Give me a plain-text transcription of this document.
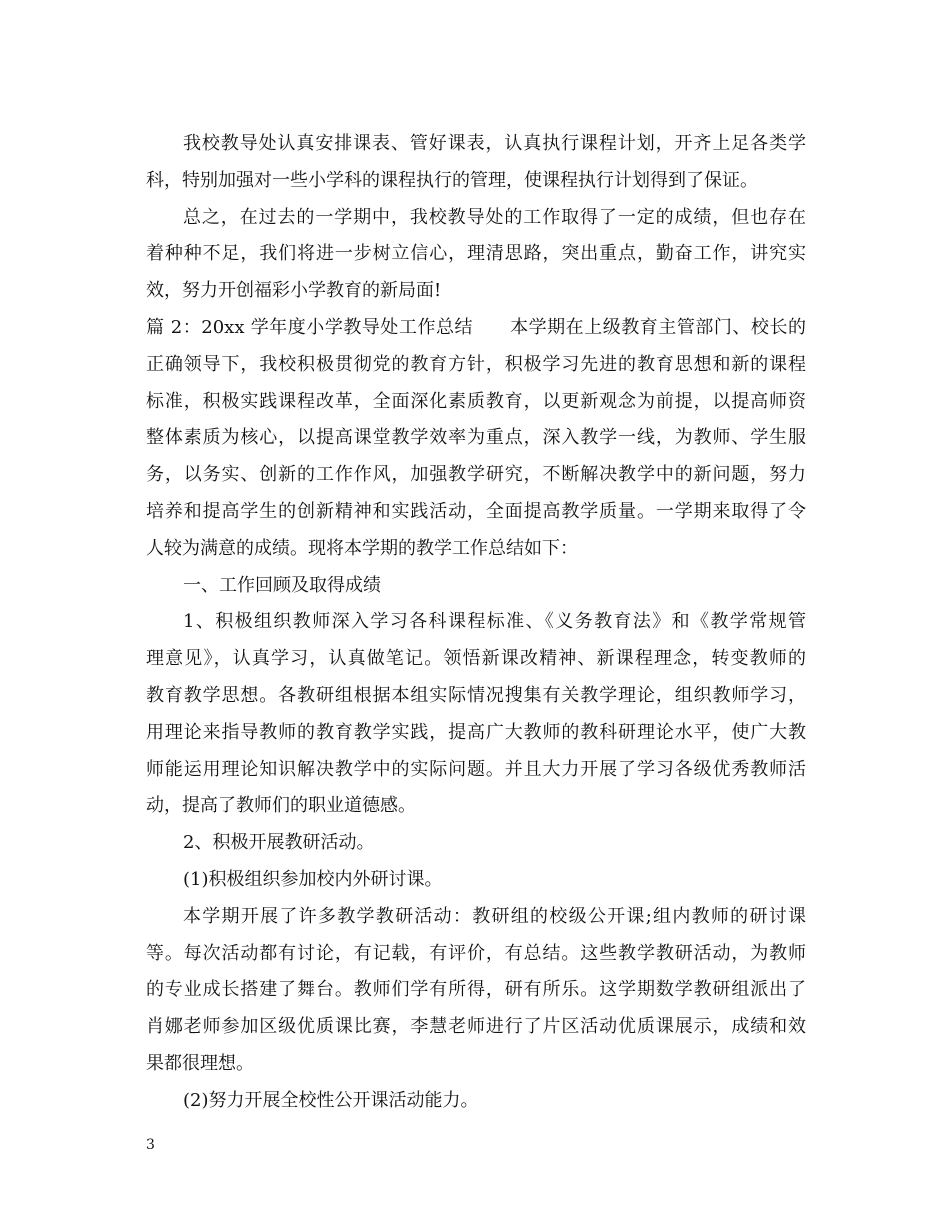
我校教导处认真安排课表、管好课表，认真执行课程计划，开齐上足各类学
科，特别加强对一些小学科的课程执行的管理，使课程执行计划得到了保证。
总之，在过去的一学期中，我校教导处的工作取得了一定的成绩，但也存在
着种种不足，我们将进一步树立信心，理清思路，突出重点，勤奋工作，讲究实
效，努力开创福彩小学教育的新局面!
篇 2：20xx 学年度小学教导处工作总结　　本学期在上级教育主管部门、校长的
正确领导下，我校积极贯彻党的教育方针，积极学习先进的教育思想和新的课程
标准，积极实践课程改革，全面深化素质教育，以更新观念为前提，以提高师资
整体素质为核心，以提高课堂教学效率为重点，深入教学一线，为教师、学生服
务，以务实、创新的工作作风，加强教学研究，不断解决教学中的新问题，努力
培养和提高学生的创新精神和实践活动，全面提高教学质量。一学期来取得了令
人较为满意的成绩。现将本学期的教学工作总结如下：
一、工作回顾及取得成绩
1、积极组织教师深入学习各科课程标准、《义务教育法》和《教学常规管
理意见》，认真学习，认真做笔记。领悟新课改精神、新课程理念，转变教师的
教育教学思想。各教研组根据本组实际情况搜集有关教学理论，组织教师学习，
用理论来指导教师的教育教学实践，提高广大教师的教科研理论水平，使广大教
师能运用理论知识解决教学中的实际问题。并且大力开展了学习各级优秀教师活
动，提高了教师们的职业道德感。
2、积极开展教研活动。
(1)积极组织参加校内外研讨课。
本学期开展了许多教学教研活动：教研组的校级公开课;组内教师的研讨课
等。每次活动都有讨论，有记载，有评价，有总结。这些教学教研活动，为教师
的专业成长搭建了舞台。教师们学有所得，研有所乐。这学期数学教研组派出了
肖娜老师参加区级优质课比赛，李慧老师进行了片区活动优质课展示，成绩和效
果都很理想。
(2)努力开展全校性公开课活动能力。
3
